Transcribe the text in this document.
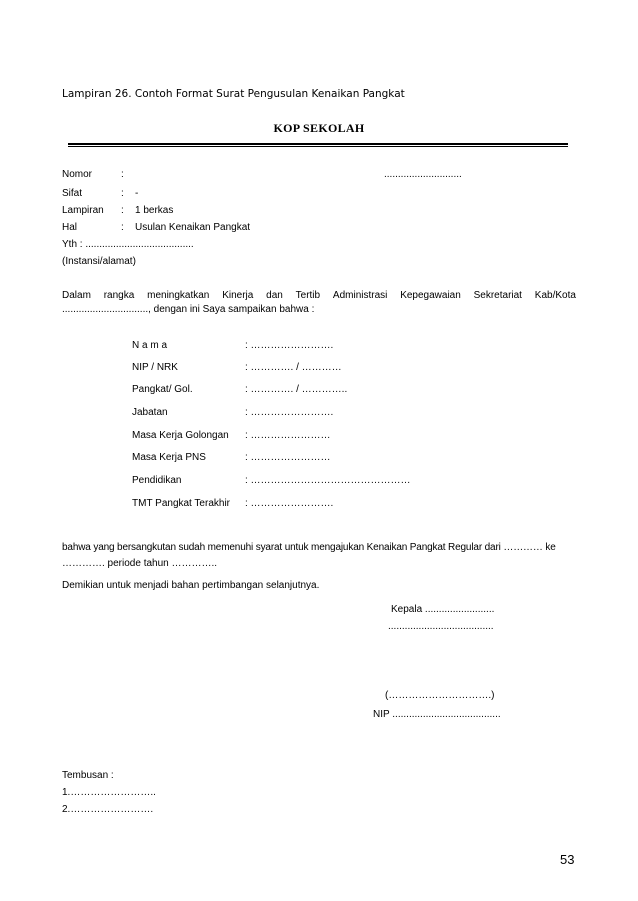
Lampiran 26. Contoh Format Surat Pengusulan Kenaikan Pangkat
KOP SEKOLAH
Nomor	:	............................
Sifat	: -
Lampiran : 1 berkas
Hal	: Usulan Kenaikan Pangkat
Yth : .......................................
(Instansi/alamat)
Dalam rangka meningkatkan Kinerja dan Tertib Administrasi Kepegawaian Sekretariat Kab/Kota
..............................., dengan ini Saya sampaikan bahwa :
N a m a	: …………………….
NIP / NRK	: …………. / …………
Pangkat/ Gol.	: …………. / …………..
Jabatan	: …………………….
Masa Kerja Golongan : ……………………
Masa Kerja PNS	: ……………………
Pendidikan	: …………………………………………
TMT Pangkat Terakhir : …………………….
bahwa yang bersangkutan sudah memenuhi syarat untuk mengajukan Kenaikan Pangkat Regular dari ………… ke
…………. periode tahun …………..
Demikian untuk menjadi bahan pertimbangan selanjutnya.
Kepala .........................
......................................
(………………………….)
NIP .......................................
Tembusan :
1.……………………..
2.…………………….
53
